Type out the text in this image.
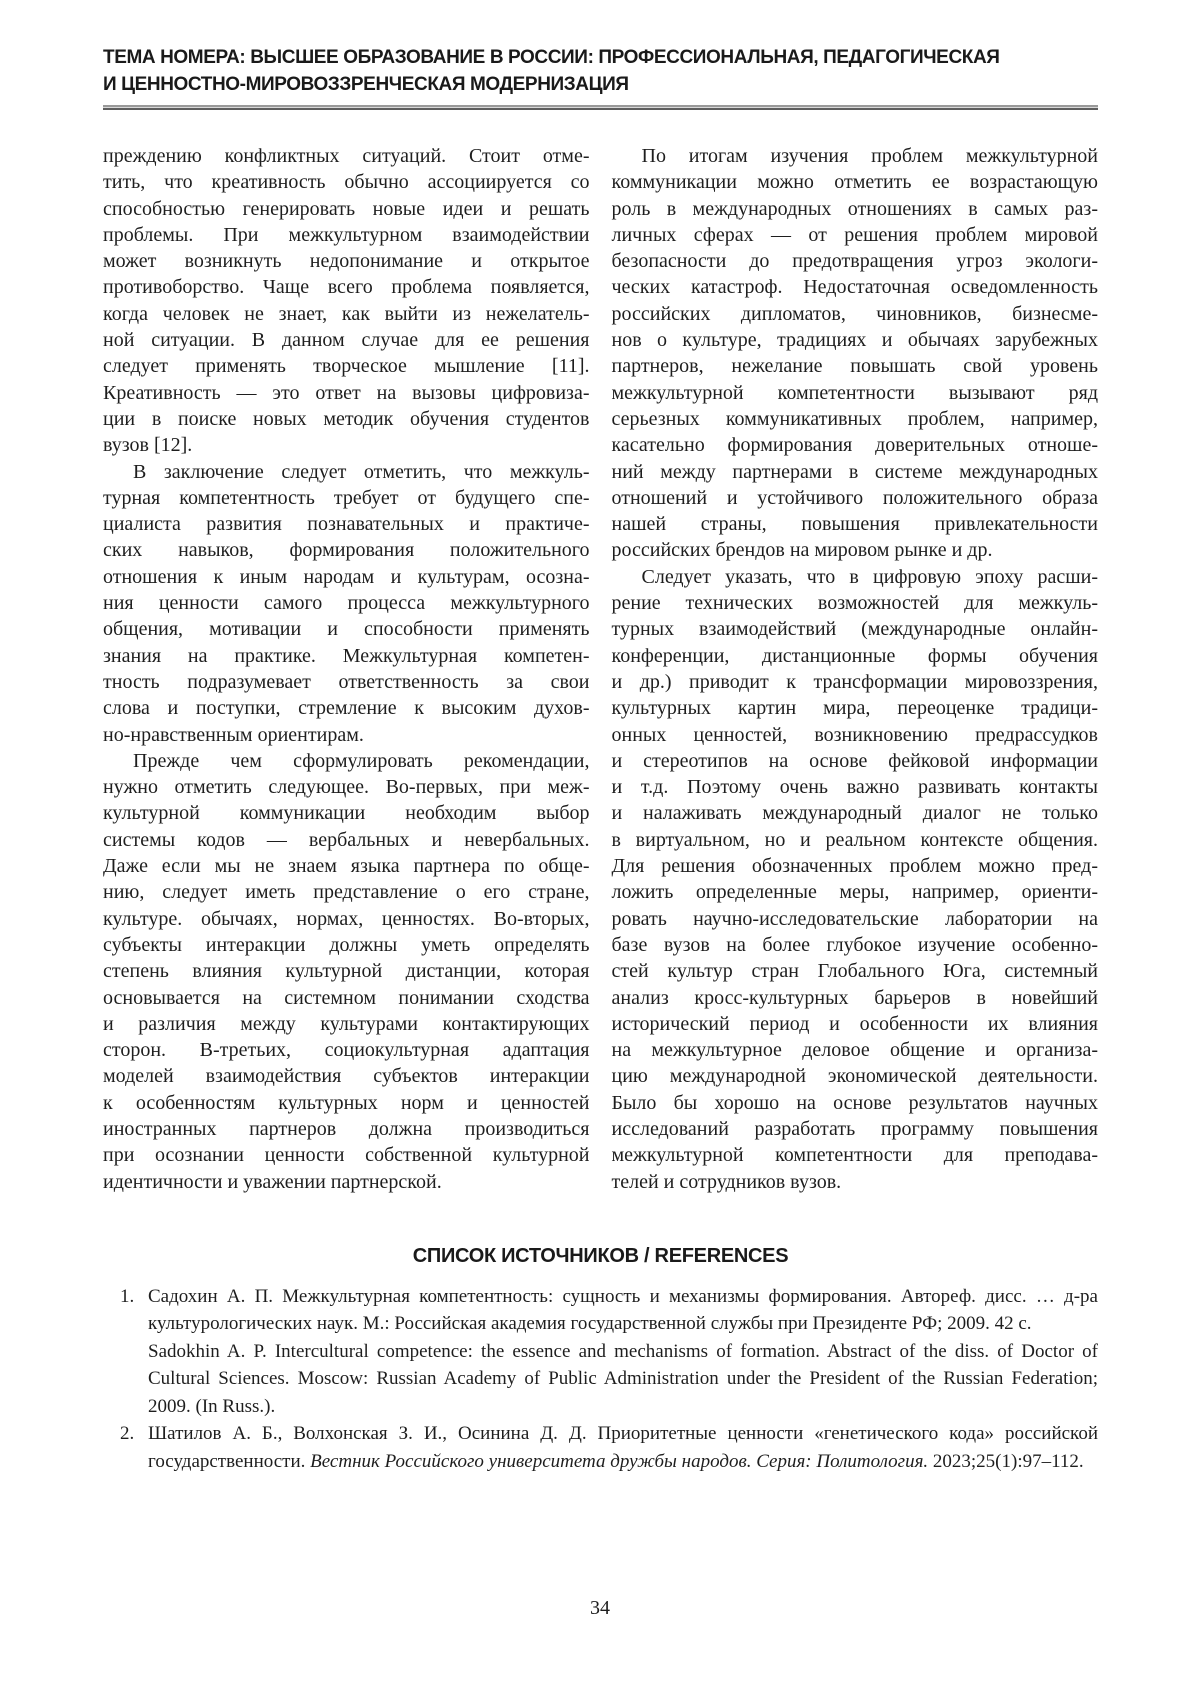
ТЕМА НОМЕРА: ВЫСШЕЕ ОБРАЗОВАНИЕ В РОССИИ: ПРОФЕССИОНАЛЬНАЯ, ПЕДАГОГИЧЕСКАЯ
И ЦЕННОСТНО-МИРОВОЗЗРЕНЧЕСКАЯ МОДЕРНИЗАЦИЯ
преждению конфликтных ситуаций. Стоит отме-
тить, что креативность обычно ассоциируется со
способностью генерировать новые идеи и решать
проблемы. При межкультурном взаимодействии
может возникнуть недопонимание и открытое
противоборство. Чаще всего проблема появляется,
когда человек не знает, как выйти из нежелатель-
ной ситуации. В данном случае для ее решения
следует применять творческое мышление [11].
Креативность — это ответ на вызовы цифровиза-
ции в поиске новых методик обучения студентов
вузов [12].
В заключение следует отметить, что межкуль-
турная компетентность требует от будущего спе-
циалиста развития познавательных и практиче-
ских навыков, формирования положительного
отношения к иным народам и культурам, осозна-
ния ценности самого процесса межкультурного
общения, мотивации и способности применять
знания на практике. Межкультурная компетен-
тность подразумевает ответственность за свои
слова и поступки, стремление к высоким духов-
но-нравственным ориентирам.
Прежде чем сформулировать рекомендации,
нужно отметить следующее. Во-первых, при меж-
культурной коммуникации необходим выбор
системы кодов — вербальных и невербальных.
Даже если мы не знаем языка партнера по обще-
нию, следует иметь представление о его стране,
культуре. обычаях, нормах, ценностях. Во-вторых,
субъекты интеракции должны уметь определять
степень влияния культурной дистанции, которая
основывается на системном понимании сходства
и различия между культурами контактирующих
сторон. В-третьих, социокультурная адаптация
моделей взаимодействия субъектов интеракции
к особенностям культурных норм и ценностей
иностранных партнеров должна производиться
при осознании ценности собственной культурной
идентичности и уважении партнерской.
По итогам изучения проблем межкультурной
коммуникации можно отметить ее возрастающую
роль в международных отношениях в самых раз-
личных сферах — от решения проблем мировой
безопасности до предотвращения угроз экологи-
ческих катастроф. Недостаточная осведомленность
российских дипломатов, чиновников, бизнесме-
нов о культуре, традициях и обычаях зарубежных
партнеров, нежелание повышать свой уровень
межкультурной компетентности вызывают ряд
серьезных коммуникативных проблем, например,
касательно формирования доверительных отноше-
ний между партнерами в системе международных
отношений и устойчивого положительного образа
нашей страны, повышения привлекательности
российских брендов на мировом рынке и др.
Следует указать, что в цифровую эпоху расши-
рение технических возможностей для межкуль-
турных взаимодействий (международные онлайн-
конференции, дистанционные формы обучения
и др.) приводит к трансформации мировоззрения,
культурных картин мира, переоценке традици-
онных ценностей, возникновению предрассудков
и стереотипов на основе фейковой информации
и т.д. Поэтому очень важно развивать контакты
и налаживать международный диалог не только
в виртуальном, но и реальном контексте общения.
Для решения обозначенных проблем можно пред-
ложить определенные меры, например, ориенти-
ровать научно-исследовательские лаборатории на
базе вузов на более глубокое изучение особенно-
стей культур стран Глобального Юга, системный
анализ кросс-культурных барьеров в новейший
исторический период и особенности их влияния
на межкультурное деловое общение и организа-
цию международной экономической деятельности.
Было бы хорошо на основе результатов научных
исследований разработать программу повышения
межкультурной компетентности для преподава-
телей и сотрудников вузов.
СПИСОК ИСТОЧНИКОВ / REFERENCES
1. Садохин А. П. Межкультурная компетентность: сущность и механизмы формирования. Автореф. дисс. … д-ра культурологических наук. М.: Российская академия государственной службы при Президенте РФ; 2009. 42 с.
Sadokhin A. P. Intercultural competence: the essence and mechanisms of formation. Abstract of the diss. of Doctor of Cultural Sciences. Moscow: Russian Academy of Public Administration under the President of the Russian Federation; 2009. (In Russ.).
2. Шатилов А. Б., Волхонская З. И., Осинина Д. Д. Приоритетные ценности «генетического кода» российской государственности. Вестник Российского университета дружбы народов. Серия: Политология. 2023;25(1):97–112.
34
